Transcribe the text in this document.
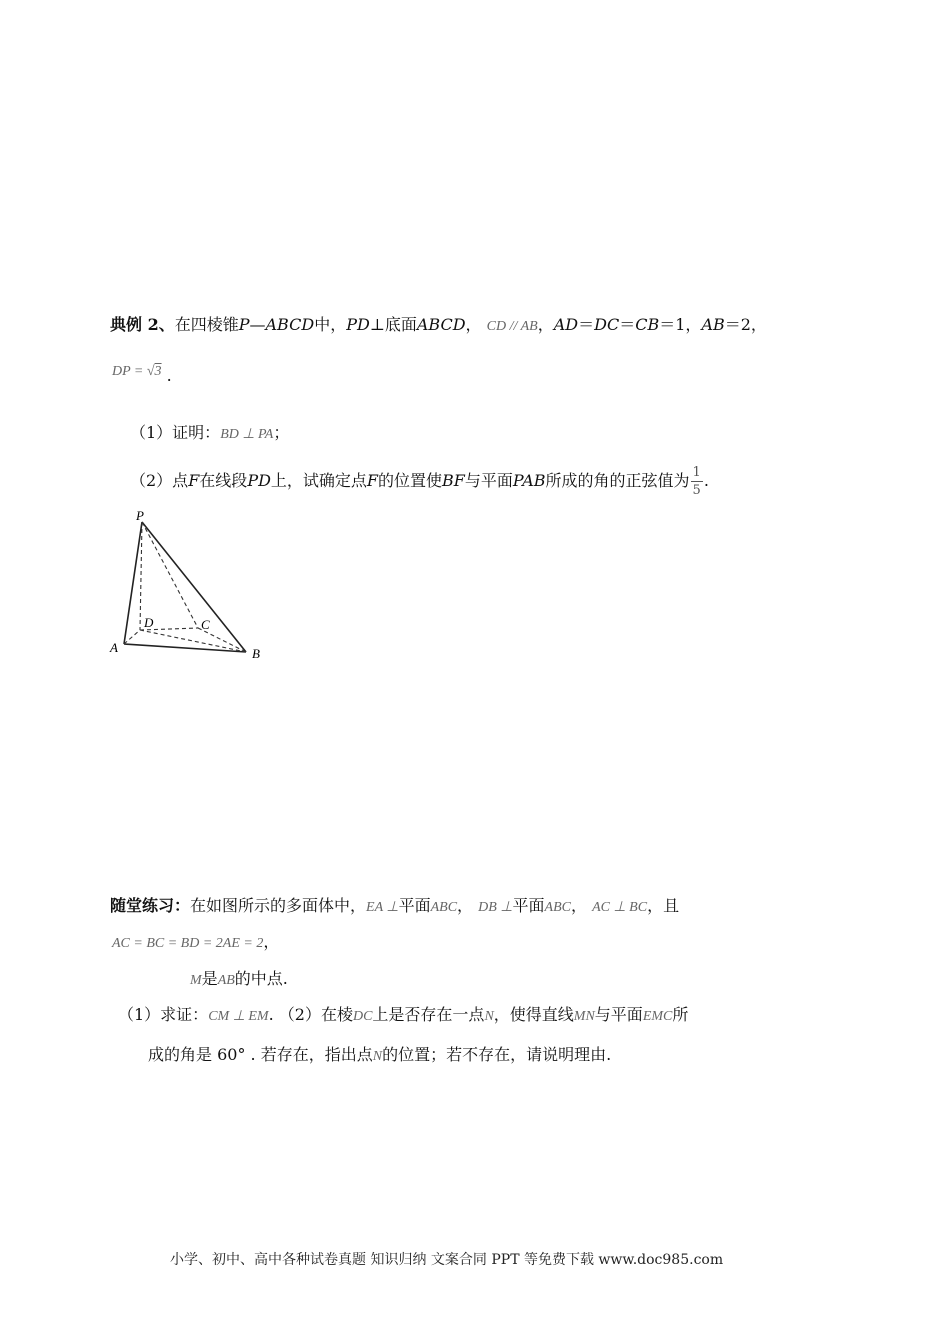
典例 2、在四棱锥P—ABCD中，PD⊥底面ABCD， CD // AB，AD＝DC＝CB＝1，AB＝2，
DP = √3 .
（1）证明：BD ⊥ PA；
（2）点F在线段PD上，试确定点F的位置使BF与平面PAB所成的角的正弦值为 $\frac{1}{5}$ .
P
A	B
C
D
随堂练习：在如图所示的多面体中，EA ⊥平面ABC， DB ⊥平面ABC， AC ⊥ BC，且
AC = BC = BD = 2AE = 2，
M是AB的中点.
（1）求证：CM ⊥ EM. （2）在棱DC上是否存在一点N，使得直线MN与平面EMC所
成的角是 60° . 若存在，指出点N的位置；若不存在，请说明理由.
小学、初中、高中各种试卷真题 知识归纳 文案合同 PPT 等免费下载 www.doc985.com
